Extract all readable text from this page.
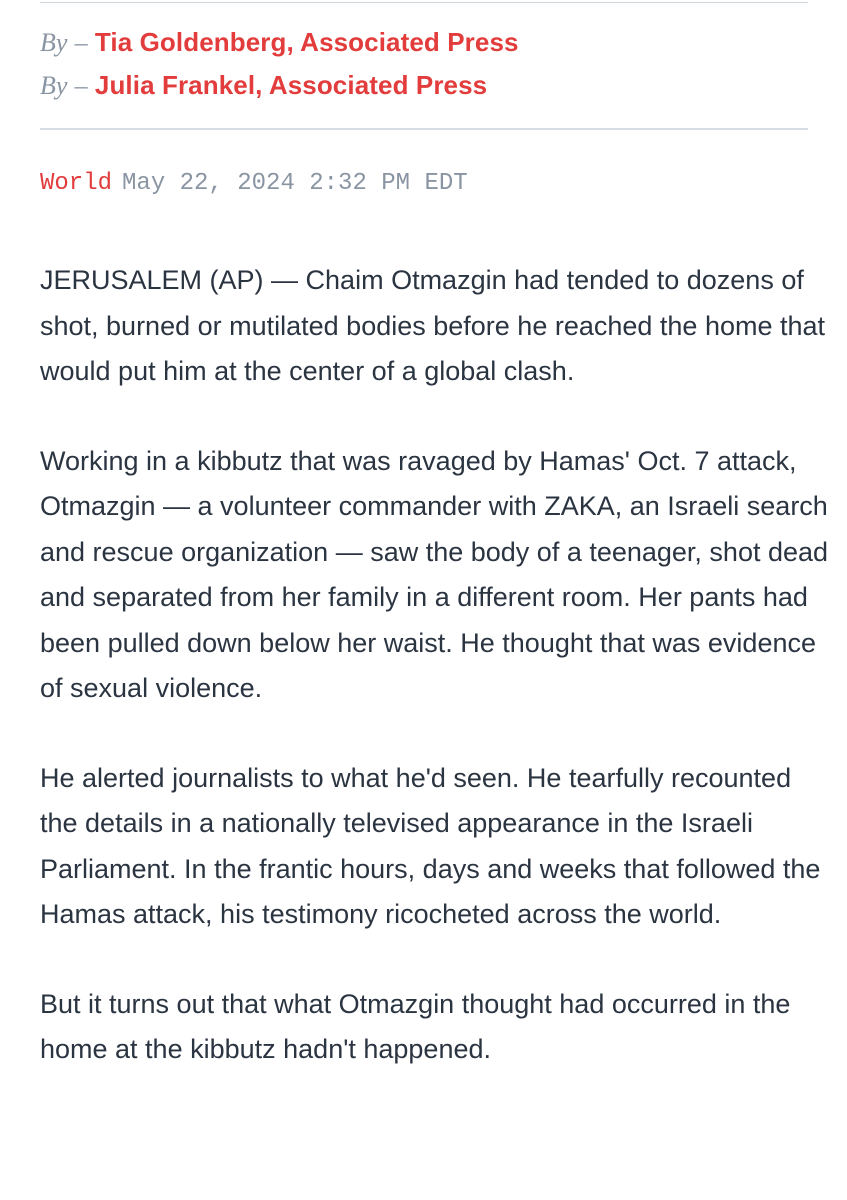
By – Tia Goldenberg, Associated Press
By – Julia Frankel, Associated Press
World May 22, 2024 2:32 PM EDT

JERUSALEM (AP) — Chaim Otmazgin had tended to dozens of shot, burned or mutilated bodies before he reached the home that would put him at the center of a global clash.

Working in a kibbutz that was ravaged by Hamas' Oct. 7 attack, Otmazgin — a volunteer commander with ZAKA, an Israeli search and rescue organization — saw the body of a teenager, shot dead and separated from her family in a different room. Her pants had been pulled down below her waist. He thought that was evidence of sexual violence.

He alerted journalists to what he'd seen. He tearfully recounted the details in a nationally televised appearance in the Israeli Parliament. In the frantic hours, days and weeks that followed the Hamas attack, his testimony ricocheted across the world.

But it turns out that what Otmazgin thought had occurred in the home at the kibbutz hadn't happened.
